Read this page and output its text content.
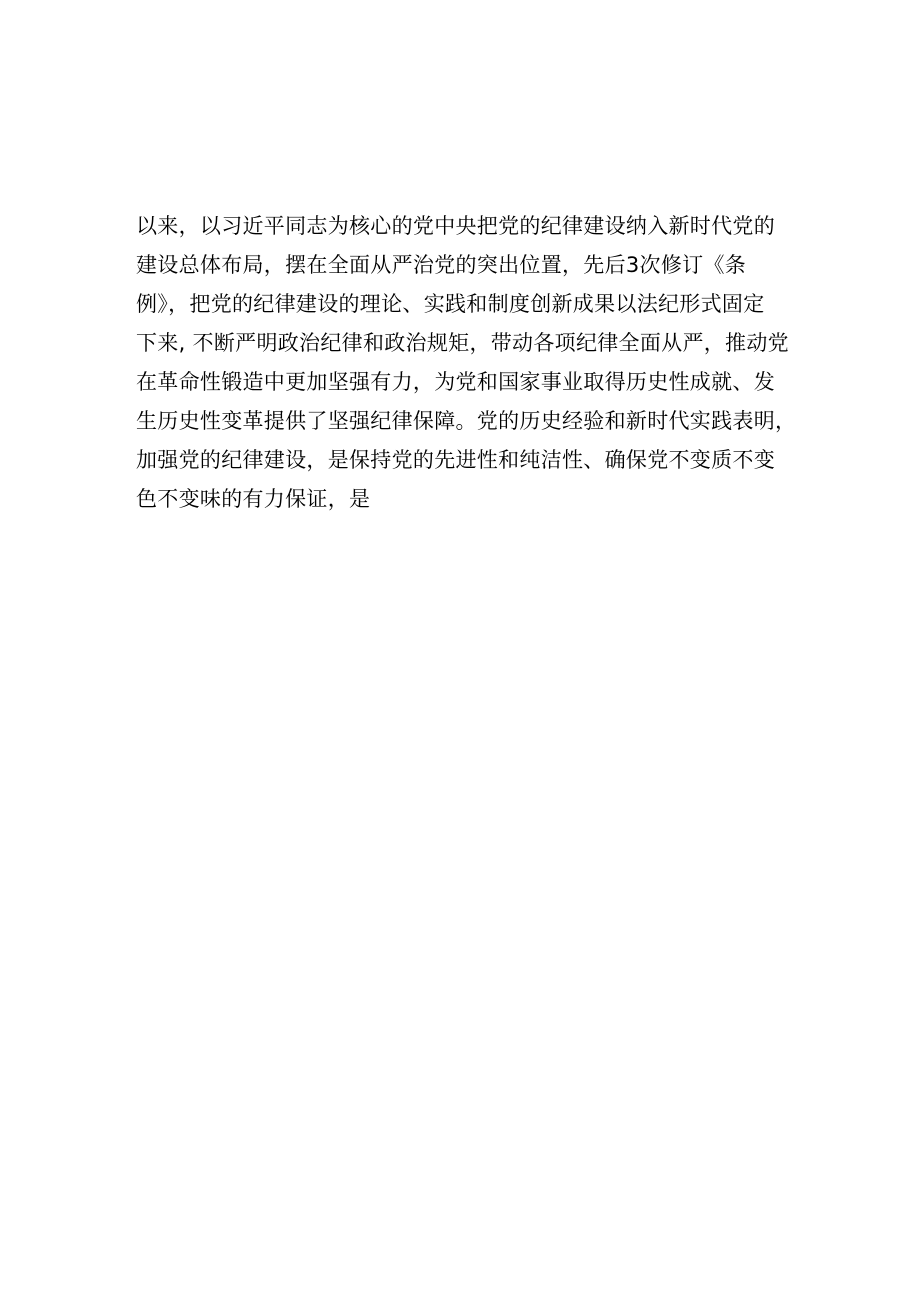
以来，以习近平同志为核心的党中央把党的纪律建设纳入新时代党的
建设总体布局，摆在全面从严治党的突出位置，先后3次修订《条
例》，把党的纪律建设的理论、实践和制度创新成果以法纪形式固定
下来, 不断严明政治纪律和政治规矩，带动各项纪律全面从严，推动党
在革命性锻造中更加坚强有力，为党和国家事业取得历史性成就、发
生历史性变革提供了坚强纪律保障。党的历史经验和新时代实践表明，
加强党的纪律建设，是保持党的先进性和纯洁性、确保党不变质不变
色不变味的有力保证，是
